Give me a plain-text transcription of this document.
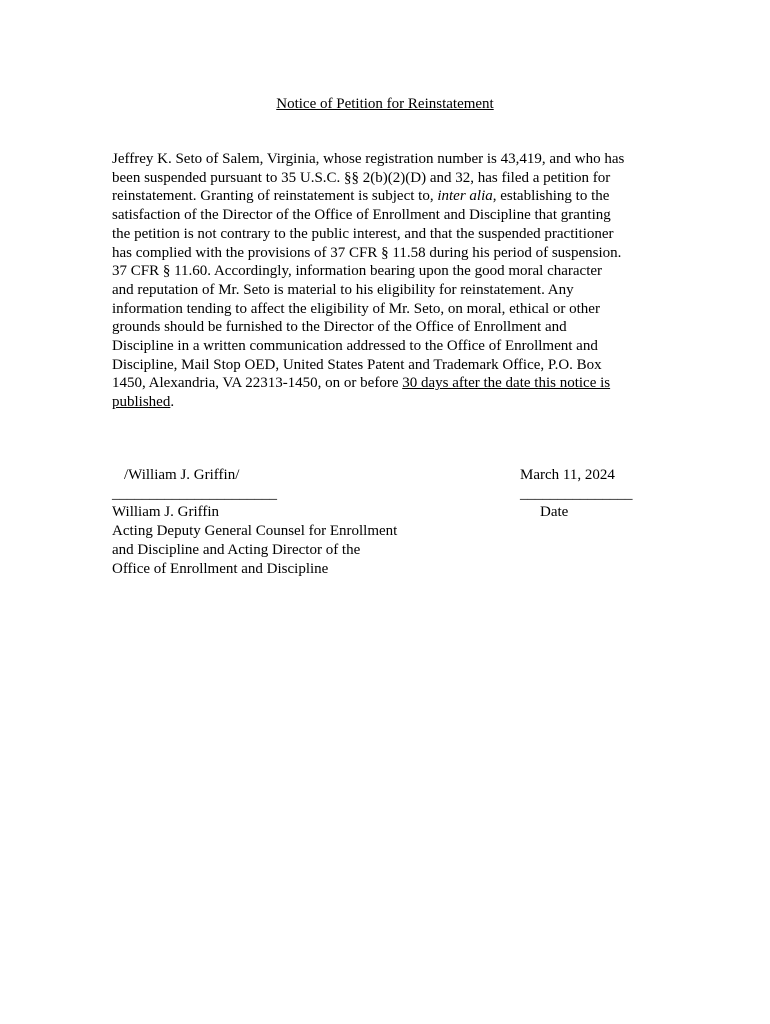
Notice of Petition for Reinstatement

Jeffrey K. Seto of Salem, Virginia, whose registration number is 43,419, and who has
been suspended pursuant to 35 U.S.C. §§ 2(b)(2)(D) and 32, has filed a petition for
reinstatement. Granting of reinstatement is subject to, inter alia, establishing to the
satisfaction of the Director of the Office of Enrollment and Discipline that granting
the petition is not contrary to the public interest, and that the suspended practitioner
has complied with the provisions of 37 CFR § 11.58 during his period of suspension.
37 CFR § 11.60. Accordingly, information bearing upon the good moral character
and reputation of Mr. Seto is material to his eligibility for reinstatement. Any
information tending to affect the eligibility of Mr. Seto, on moral, ethical or other
grounds should be furnished to the Director of the Office of Enrollment and
Discipline in a written communication addressed to the Office of Enrollment and
Discipline, Mail Stop OED, United States Patent and Trademark Office, P.O. Box
1450, Alexandria, VA 22313-1450, on or before 30 days after the date this notice is
published.

/William J. Griffin/
______________________
William J. Griffin
Acting Deputy General Counsel for Enrollment
and Discipline and Acting Director of the
Office of Enrollment and Discipline
March 11, 2024
_______________
Date
